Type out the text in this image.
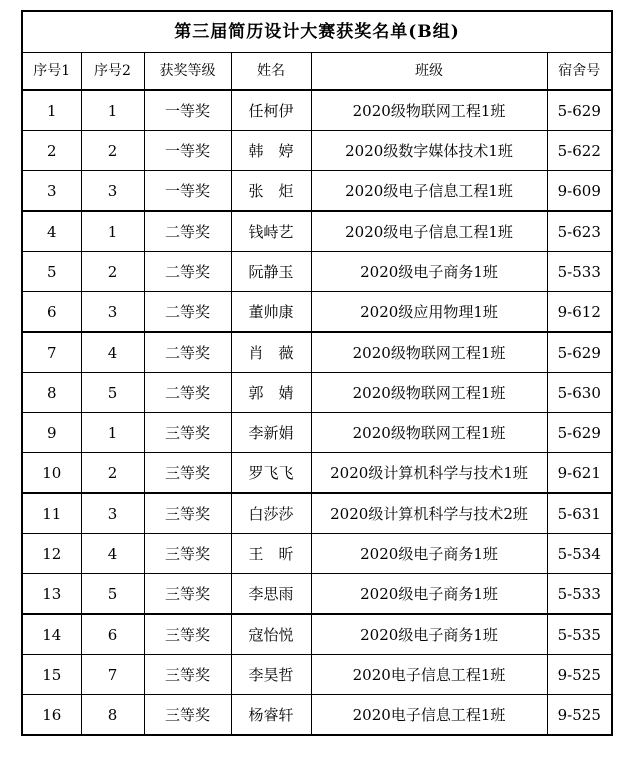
第三届简历设计大赛获奖名单(B组)					
序号1	序号2	获奖等级	姓名	班级	宿舍号
1	1	一等奖	任柯伊	2020级物联网工程1班	5-629
2	2	一等奖	韩　婷	2020级数字媒体技术1班	5-622
3	3	一等奖	张　炬	2020级电子信息工程1班	9-609
4	1	二等奖	钱峙艺	2020级电子信息工程1班	5-623
5	2	二等奖	阮静玉	2020级电子商务1班	5-533
6	3	二等奖	董帅康	2020级应用物理1班	9-612
7	4	二等奖	肖　薇	2020级物联网工程1班	5-629
8	5	二等奖	郭　婧	2020级物联网工程1班	5-630
9	1	三等奖	李新娟	2020级物联网工程1班	5-629
10	2	三等奖	罗飞飞	2020级计算机科学与技术1班	9-621
11	3	三等奖	白莎莎	2020级计算机科学与技术2班	5-631
12	4	三等奖	王　昕	2020级电子商务1班	5-534
13	5	三等奖	李思雨	2020级电子商务1班	5-533
14	6	三等奖	寇怡悦	2020级电子商务1班	5-535
15	7	三等奖	李昊哲	2020电子信息工程1班	9-525
16	8	三等奖	杨睿轩	2020电子信息工程1班	9-525
